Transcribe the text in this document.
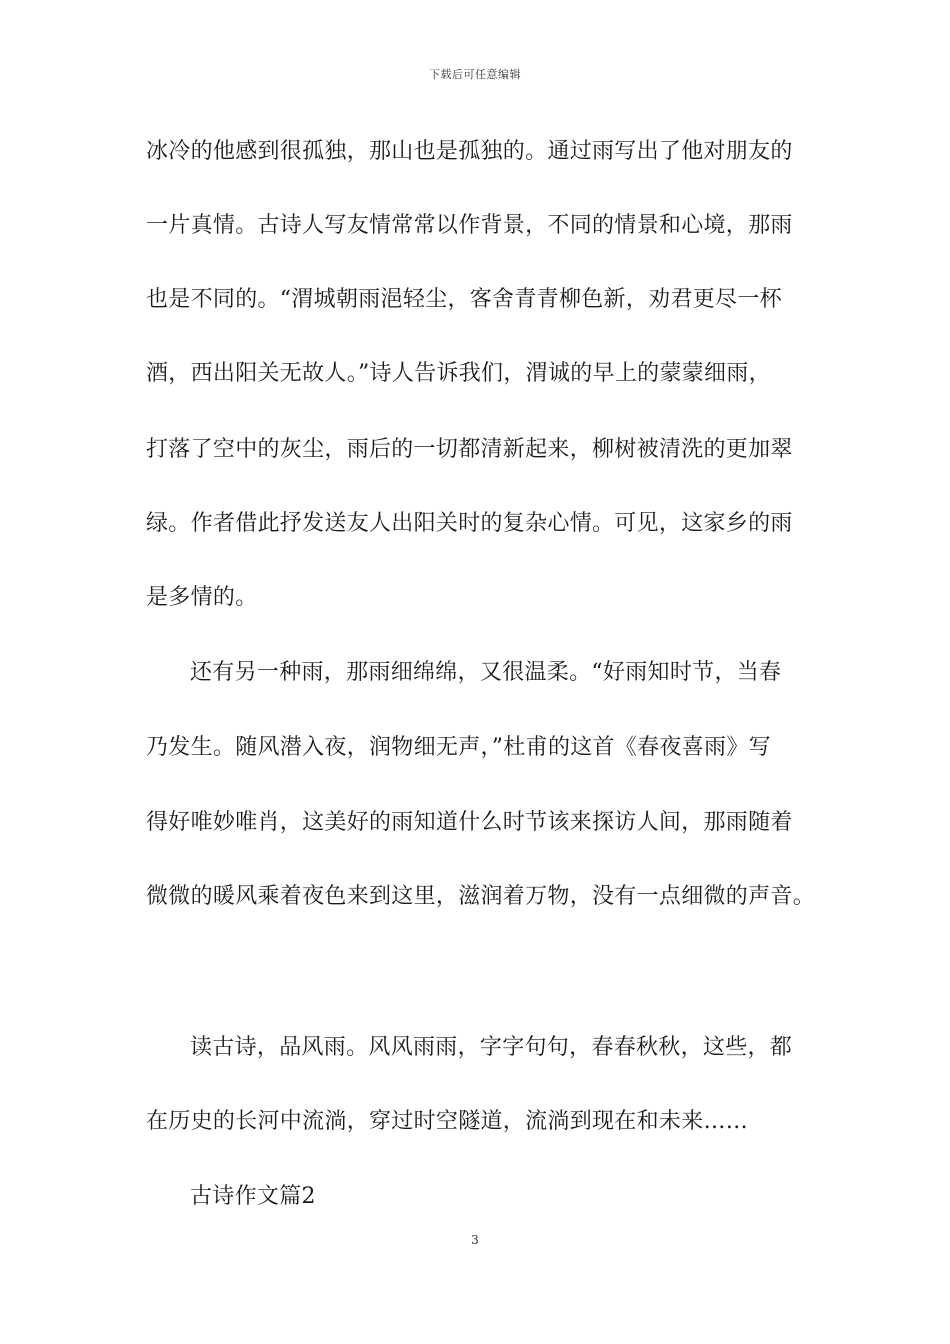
下载后可任意编辑
冰冷的他感到很孤独，那山也是孤独的。通过雨写出了他对朋友的
一片真情。古诗人写友情常常以作背景，不同的情景和心境，那雨
也是不同的。“渭城朝雨浥轻尘，客舍青青柳色新，劝君更尽一杯
酒，西出阳关无故人。”诗人告诉我们，渭诚的早上的蒙蒙细雨，
打落了空中的灰尘，雨后的一切都清新起来，柳树被清洗的更加翠
绿。作者借此抒发送友人出阳关时的复杂心情。可见，这家乡的雨
是多情的。
还有另一种雨，那雨细绵绵，又很温柔。“好雨知时节，当春
乃发生。随风潜入夜，润物细无声，”杜甫的这首《春夜喜雨》写
得好唯妙唯肖，这美好的雨知道什么时节该来探访人间，那雨随着
微微的暖风乘着夜色来到这里，滋润着万物，没有一点细微的声音。
读古诗，品风雨。风风雨雨，字字句句，春春秋秋，这些，都
在历史的长河中流淌，穿过时空隧道，流淌到现在和未来……
古诗作文篇2
3
